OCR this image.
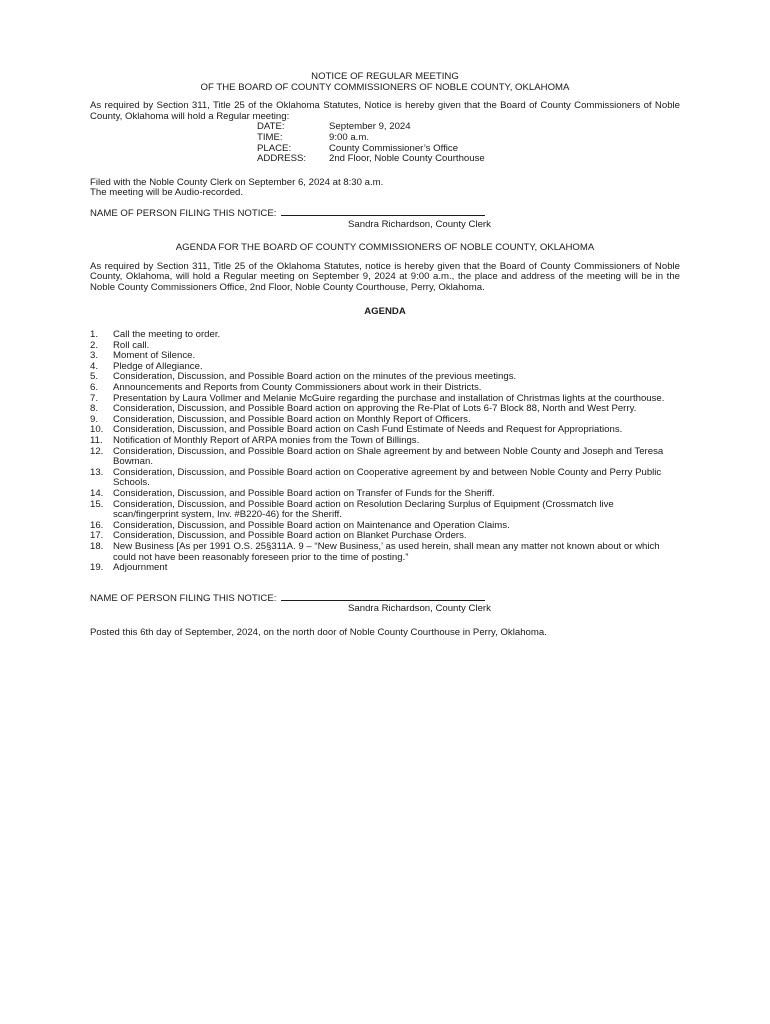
NOTICE OF REGULAR MEETING
OF THE BOARD OF COUNTY COMMISSIONERS OF NOBLE COUNTY, OKLAHOMA

As required by Section 311, Title 25 of the Oklahoma Statutes, Notice is hereby given that the Board of County Commissioners of Noble County, Oklahoma will hold a Regular meeting:

DATE:	September 9, 2024
TIME:	9:00 a.m.
PLACE:	County Commissioner’s Office
ADDRESS:	2nd Floor, Noble County Courthouse
Filed with the Noble County Clerk on September 6, 2024 at 8:30 a.m.
The meeting will be Audio-recorded.
NAME OF PERSON FILING THIS NOTICE:
Sandra Richardson, County Clerk
AGENDA FOR THE BOARD OF COUNTY COMMISSIONERS OF NOBLE COUNTY, OKLAHOMA

As required by Section 311, Title 25 of the Oklahoma Statutes, notice is hereby given that the Board of County Commissioners of Noble County, Oklahoma, will hold a Regular meeting on September 9, 2024 at 9:00 a.m., the place and address of the meeting will be in the Noble County Commissioners Office, 2nd Floor, Noble County Courthouse, Perry, Oklahoma.

AGENDA
1. Call the meeting to order.
2. Roll call.
3. Moment of Silence.
4. Pledge of Allegiance.
5. Consideration, Discussion, and Possible Board action on the minutes of the previous meetings.
6. Announcements and Reports from County Commissioners about work in their Districts.
7. Presentation by Laura Vollmer and Melanie McGuire regarding the purchase and installation of Christmas lights at the courthouse.
8. Consideration, Discussion, and Possible Board action on approving the Re-Plat of Lots 6-7 Block 88, North and West Perry.
9. Consideration, Discussion, and Possible Board action on Monthly Report of Officers.
10. Consideration, Discussion, and Possible Board action on Cash Fund Estimate of Needs and Request for Appropriations.
11. Notification of Monthly Report of ARPA monies from the Town of Billings.
12. Consideration, Discussion, and Possible Board action on Shale agreement by and between Noble County and Joseph and Teresa Bowman.
13. Consideration, Discussion, and Possible Board action on Cooperative agreement by and between Noble County and Perry Public Schools.
14. Consideration, Discussion, and Possible Board action on Transfer of Funds for the Sheriff.
15. Consideration, Discussion, and Possible Board action on Resolution Declaring Surplus of Equipment (Crossmatch live scan/fingerprint system, Inv. #B220-46) for the Sheriff.
16. Consideration, Discussion, and Possible Board action on Maintenance and Operation Claims.
17. Consideration, Discussion, and Possible Board action on Blanket Purchase Orders.
18. New Business [As per 1991 O.S. 25§311A. 9 – “New Business,’ as used herein, shall mean any matter not known about or which could not have been reasonably foreseen prior to the time of posting.”
19. Adjournment
NAME OF PERSON FILING THIS NOTICE:
Sandra Richardson, County Clerk
Posted this 6th day of September, 2024, on the north door of Noble County Courthouse in Perry, Oklahoma.
